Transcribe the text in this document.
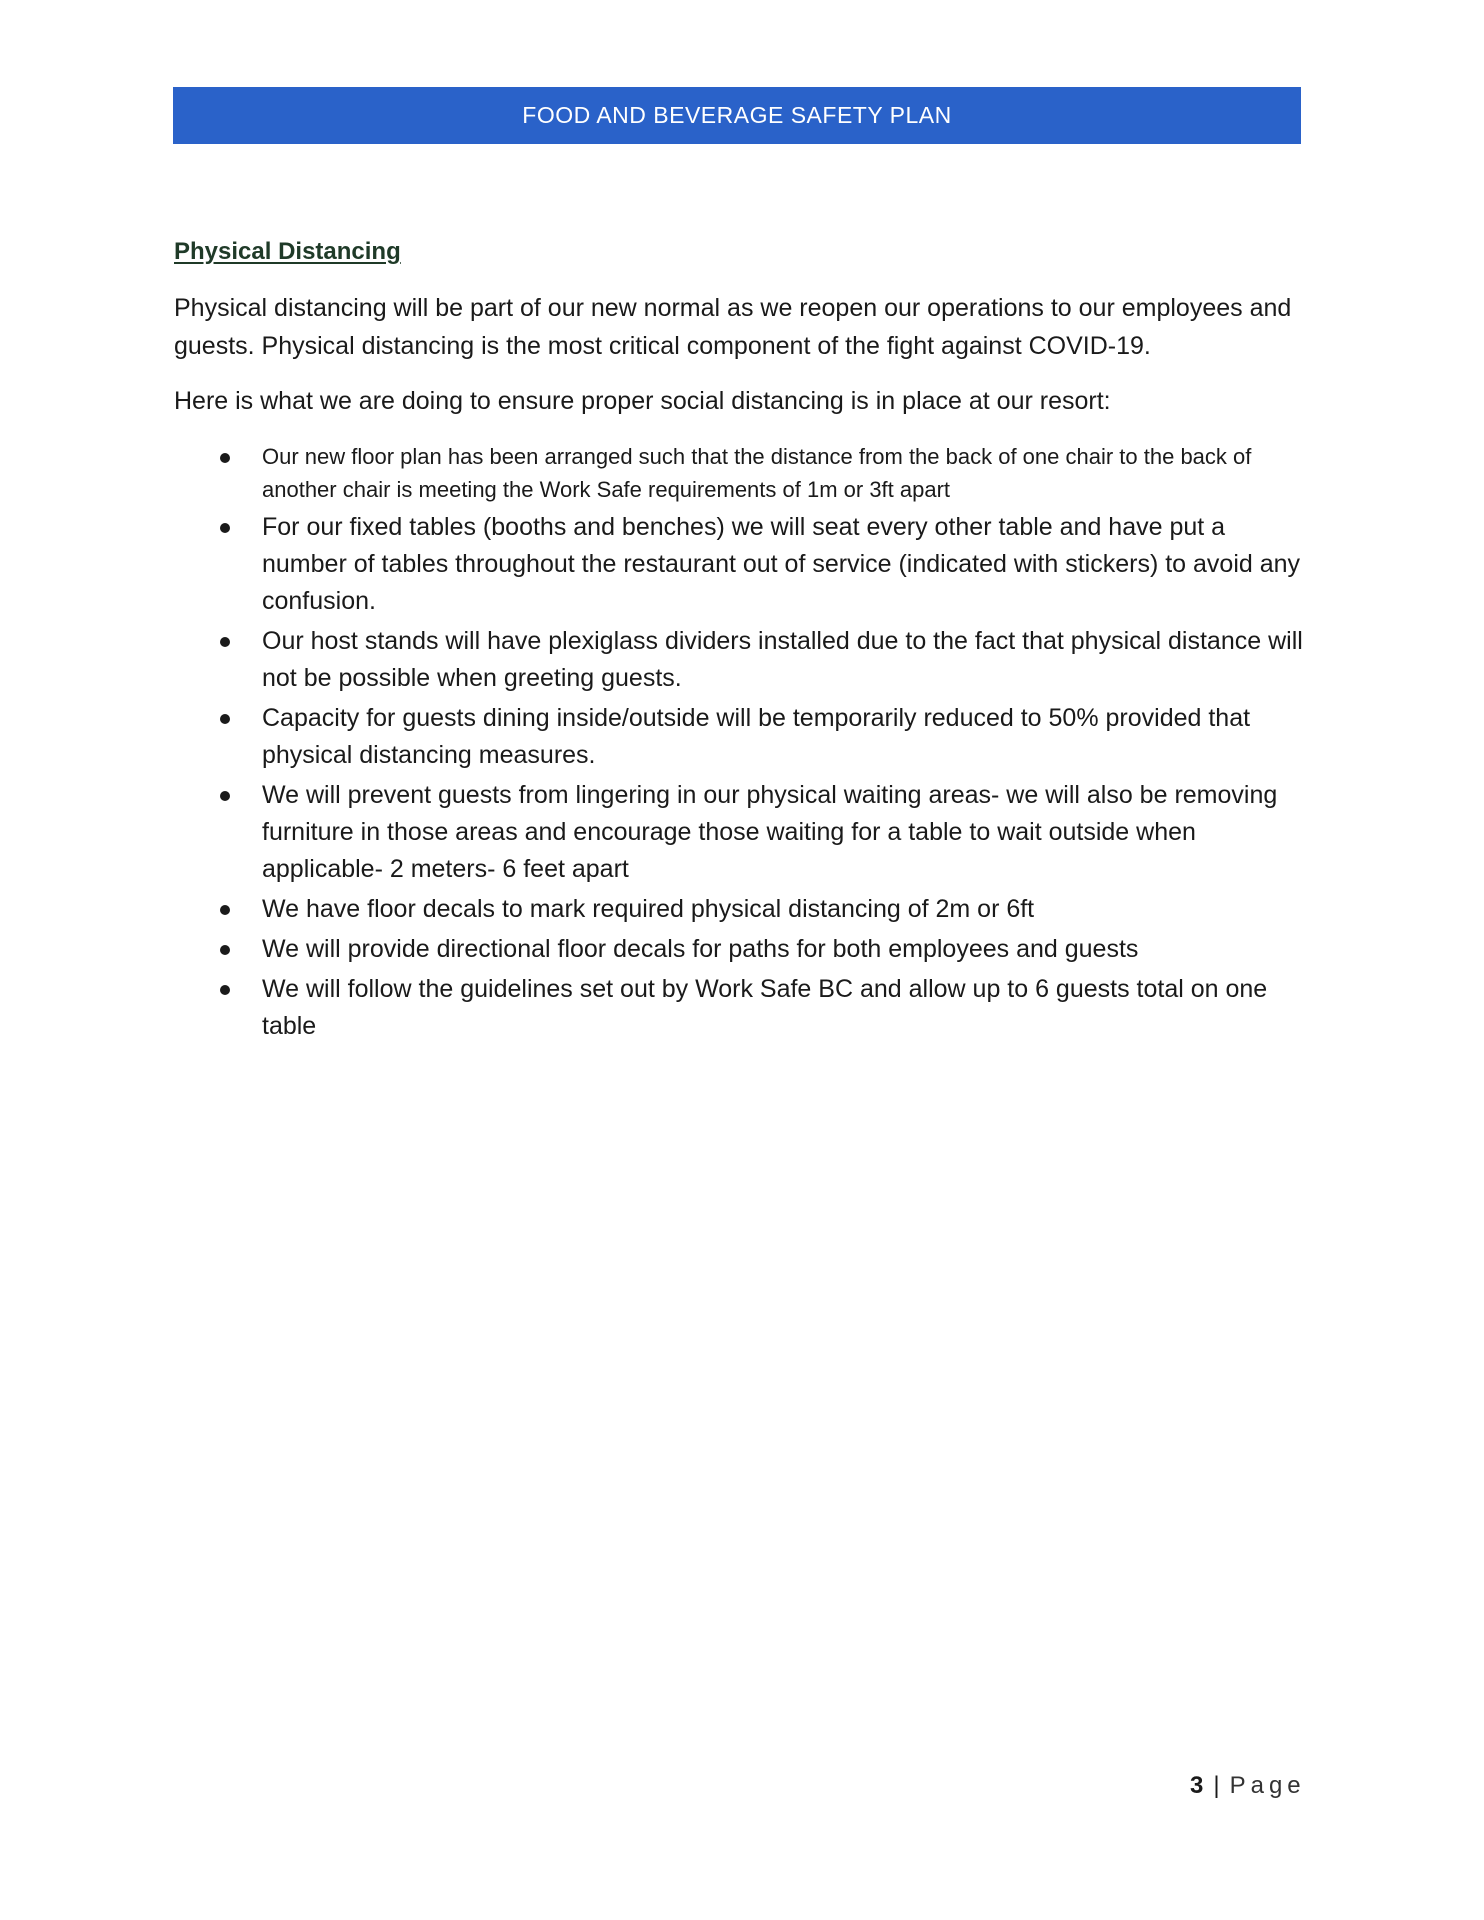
FOOD AND BEVERAGE SAFETY PLAN
Physical Distancing

Physical distancing will be part of our new normal as we reopen our operations to our employees and guests. Physical distancing is the most critical component of the fight against COVID-19.

Here is what we are doing to ensure proper social distancing is in place at our resort:

Our new floor plan has been arranged such that the distance from the back of one chair to the back of another chair is meeting the Work Safe requirements of 1m or 3ft apart
For our fixed tables (booths and benches) we will seat every other table and have put a number of tables throughout the restaurant out of service (indicated with stickers) to avoid any confusion.
Our host stands will have plexiglass dividers installed due to the fact that physical distance will not be possible when greeting guests.
Capacity for guests dining inside/outside will be temporarily reduced to 50% provided that physical distancing measures.
We will prevent guests from lingering in our physical waiting areas- we will also be removing furniture in those areas and encourage those waiting for a table to wait outside when applicable- 2 meters- 6 feet apart
We have floor decals to mark required physical distancing of 2m or 6ft
We will provide directional floor decals for paths for both employees and guests
We will follow the guidelines set out by Work Safe BC and allow up to 6 guests total on one table
3 | Page
